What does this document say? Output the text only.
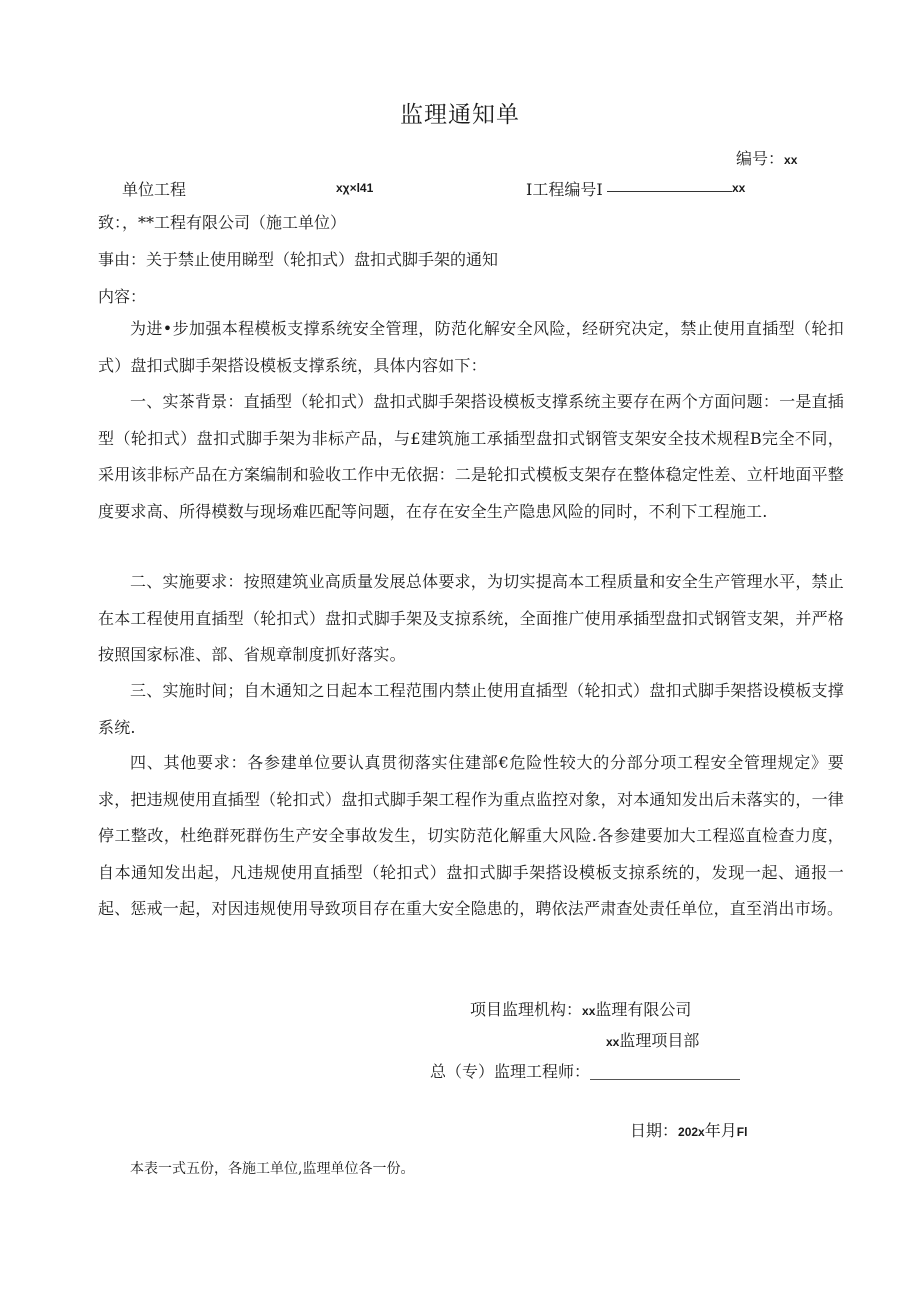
监理通知单
编号：xx
单位工程	xχ×l41	I工程编号I	xx
致：，**工程有限公司（施工单位）
事由：关于禁止使用睇型（轮扣式）盘扣式脚手架的通知
内容：
为进•步加强本程模板支撑系统安全管理，防范化解安全风险，经研究决定，禁止使用直插型（轮扣式）盘扣式脚手架搭设模板支撑系统，具体内容如下：
一、实茶背景：直插型（轮扣式）盘扣式脚手架搭设模板支撑系统主要存在两个方面问题：一是直插型（轮扣式）盘扣式脚手架为非标产品，与£建筑施工承插型盘扣式钢管支架安全技术规程B完全不同，采用该非标产品在方案编制和验收工作中无依据：二是轮扣式模板支架存在整体稳定性差、立杆地面平整度要求高、所得模数与现场难匹配等问题，在存在安全生产隐患风险的同时，不利下工程施工.
二、实施要求：按照建筑业高质量发展总体要求，为切实提高本工程质量和安全生产管理水平，禁止在本工程使用直插型（轮扣式）盘扣式脚手架及支掠系统，全面推广使用承插型盘扣式钢管支架，并严格按照国家标准、部、省规章制度抓好落实。
三、实施时间；自木通知之日起本工程范围内禁止使用直插型（轮扣式）盘扣式脚手架搭设模板支撑系统.
四、其他要求：各参建单位要认真贯彻落实住建部€危险性较大的分部分项工程安全管理规定》要求，把违规使用直插型（轮扣式）盘扣式脚手架工程作为重点监控对象，对本通知发出后未落实的，一律停工整改，杜绝群死群伤生产安全事故发生，切实防范化解重大风险.各参建要加大工程巡直检查力度，自本通知发出起，凡违规使用直插型（轮扣式）盘扣式脚手架搭设模板支掠系统的，发现一起、通报一起、惩戒一起，对因违规使用导致项目存在重大安全隐患的，聘依法严肃查处责任单位，直至消出市场。
项目监理机构：xx监理有限公司
xx监理项目部
总（专）监理工程师：
日期：202x年月Fl
本表一式五份，各施工单位,监理单位各一份。
